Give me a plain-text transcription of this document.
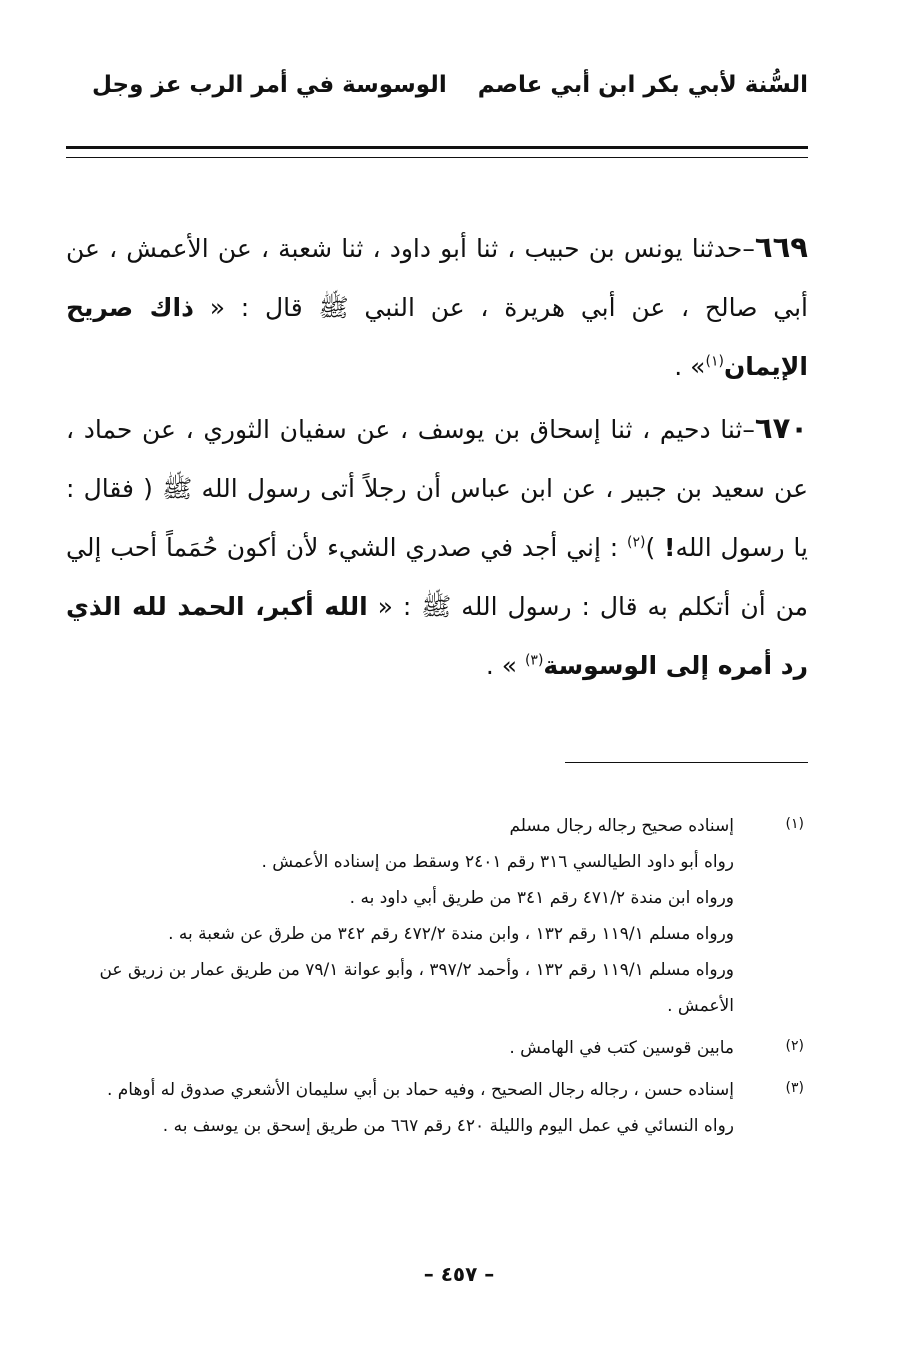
السُّنة لأبي بكر ابن أبي عاصم
الوسوسة في أمر الرب عز وجل

٦٦٩–حدثنا يونس بن حبيب ، ثنا أبو داود ، ثنا شعبة ، عن الأعمش ، عن أبي صالح ، عن أبي هريرة ، عن النبي ﷺ قال : « ذاك صريح الإيمان$^{(١)}$» .

٦٧٠–ثنا دحيم ، ثنا إسحاق بن يوسف ، عن سفيان الثوري ، عن حماد ، عن سعيد بن جبير ، عن ابن عباس أن رجلاً أتى رسول الله ﷺ ( فقال : يا رسول الله! )$^{(٢)}$ : إني أجد في صدري الشيء لأن أكون حُمَماً أحب إلي من أن أتكلم به قال : رسول الله ﷺ : « الله أكبر، الحمد لله الذي رد أمره إلى الوسوسة$^{(٣)}$ » .

(١)
إسناده صحيح رجاله رجال مسلم
رواه أبو داود الطيالسي ٣١٦ رقم ٢٤٠١ وسقط من إسناده الأعمش .
ورواه ابن مندة ٤٧١/٢ رقم ٣٤١ من طريق أبي داود به .
ورواه مسلم ١١٩/١ رقم ١٣٢ ، وابن مندة ٤٧٢/٢ رقم ٣٤٢ من طرق عن شعبة به .
ورواه مسلم ١١٩/١ رقم ١٣٢ ، وأحمد ٣٩٧/٢ ، وأبو عوانة ٧٩/١ من طريق عمار بن زريق عن الأعمش .
(٢)
مابين قوسين كتب في الهامش .
(٣)
إسناده حسن ، رجاله رجال الصحيح ، وفيه حماد بن أبي سليمان الأشعري صدوق له أوهام .
رواه النسائي في عمل اليوم والليلة ٤٢٠ رقم ٦٦٧ من طريق إسحق بن يوسف به .
– ٤٥٧ –
